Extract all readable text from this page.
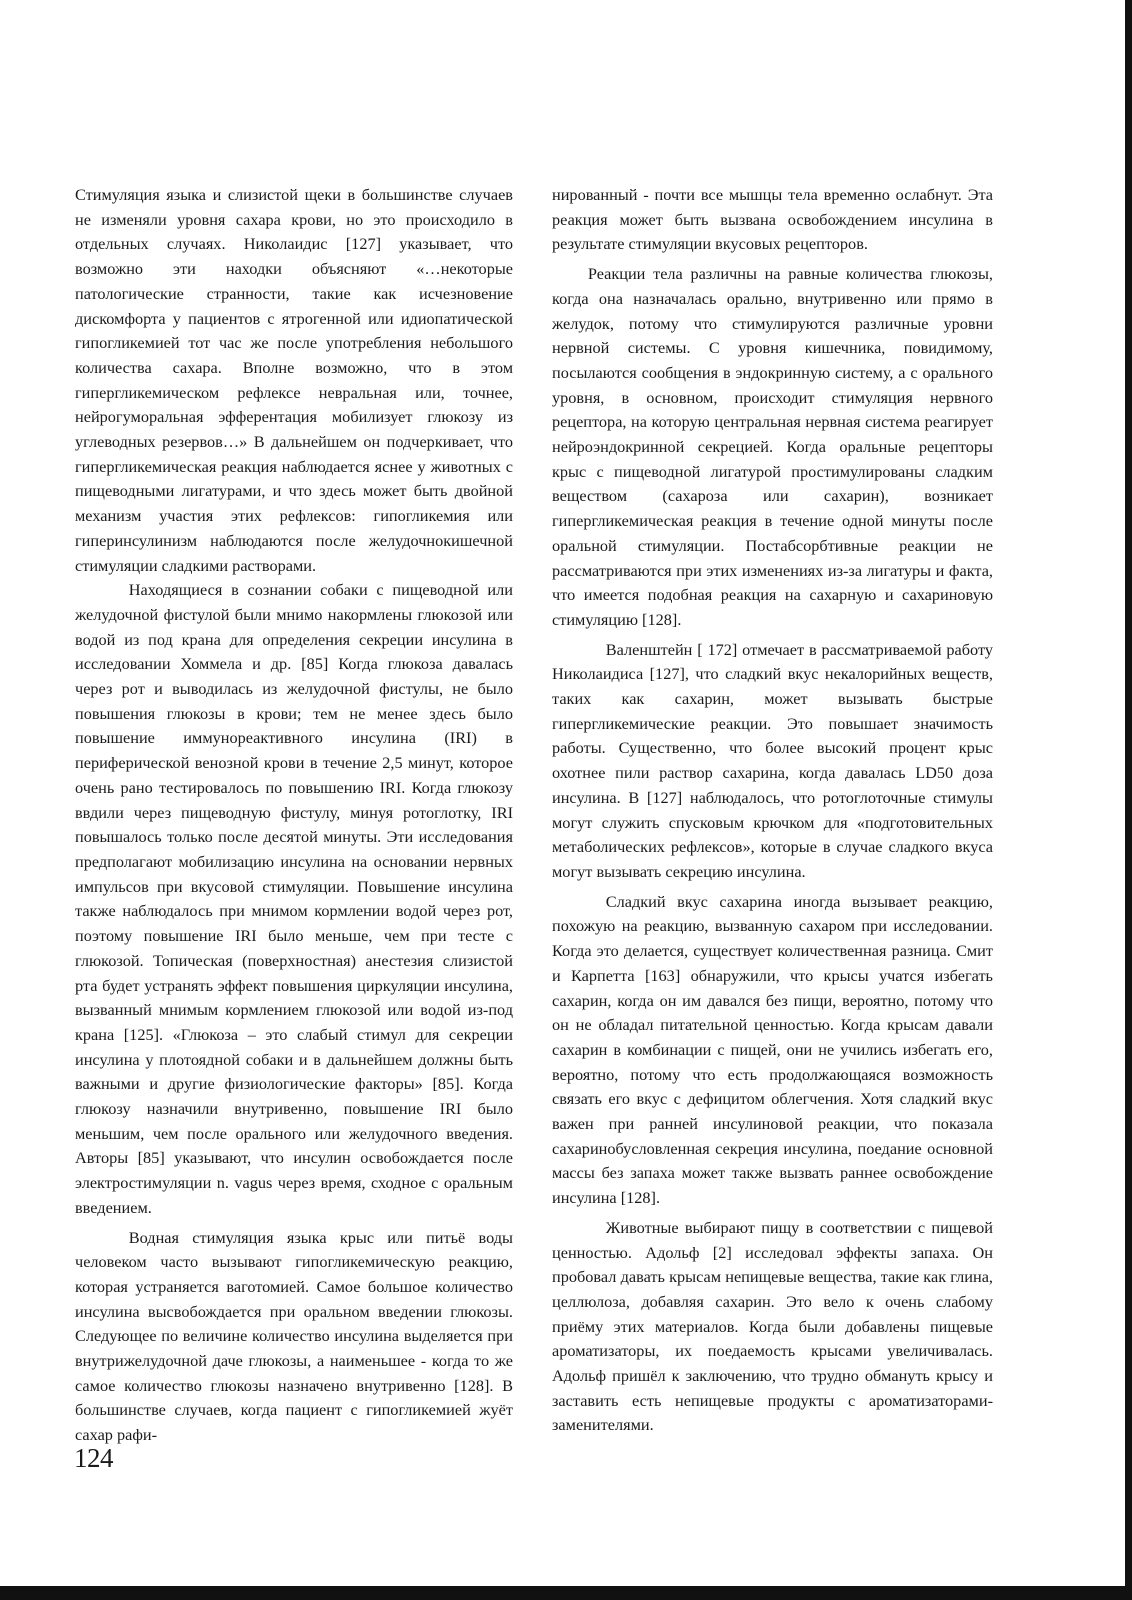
Стимуляция языка и слизистой щеки в большинстве случаев не изменяли уровня сахара крови, но это происходило в отдельных случаях. Николаидис [127] указывает, что возможно эти находки объясняют «…некоторые патологические странности, такие как исчезновение дискомфорта у пациентов с ятрогенной или идиопатической гипогликемией тот час же после употребления небольшого количества сахара. Вполне возможно, что в этом гипергликемическом рефлексе невральная или, точнее, нейрогуморальная эфферентация мобилизует глюкозу из углеводных резервов…» В дальнейшем он подчеркивает, что гипергликемическая реакция наблюдается яснее у животных с пищеводными лигатурами, и что здесь может быть двойной механизм участия этих рефлексов: гипогликемия или гиперинсулинизм наблюдаются после желудочнокишечной стимуляции сладкими растворами.

Находящиеся в сознании собаки с пищеводной или желудочной фистулой были мнимо накормлены глюкозой или водой из под крана для определения секреции инсулина в исследовании Хоммела и др. [85] Когда глюкоза давалась через рот и выводилась из желудочной фистулы, не было повышения глюкозы в крови; тем не менее здесь было повышение иммунореактивного инсулина (IRI) в периферической венозной крови в течение 2,5 минут, которое очень рано тестировалось по повышению IRI. Когда глюкозу ввдили через пищеводную фистулу, минуя ротоглотку, IRI повышалось только после десятой минуты. Эти исследования предполагают мобилизацию инсулина на основании нервных импульсов при вкусовой стимуляции. Повышение инсулина также наблюдалось при мнимом кормлении водой через рот, поэтому повышение IRI было меньше, чем при тесте с глюкозой. Топическая (поверхностная) анестезия слизистой рта будет устранять эффект повышения циркуляции инсулина, вызванный мнимым кормлением глюкозой или водой из-под крана [125]. «Глюкоза – это слабый стимул для секреции инсулина у плотоядной собаки и в дальнейшем должны быть важными и другие физиологические факторы» [85]. Когда глюкозу назначили внутривенно, повышение IRI было меньшим, чем после орального или желудочного введения. Авторы [85] указывают, что инсулин освобождается после электростимуляции n. vagus через время, сходное с оральным введением.

Водная стимуляция языка крыс или питьё воды человеком часто вызывают гипогликемическую реакцию, которая устраняется ваготомией. Самое большое количество инсулина высвобождается при оральном введении глюкозы. Следующее по величине количество инсулина выделяется при внутрижелудочной даче глюкозы, а наименьшее - когда то же самое количество глюкозы назначено внутривенно [128]. В большинстве случаев, когда пациент с гипогликемией жуёт сахар рафи-

нированный - почти все мышцы тела временно ослабнут. Эта реакция может быть вызвана освобождением инсулина в результате стимуляции вкусовых рецепторов.

Реакции тела различны на равные количества глюкозы, когда она назначалась орально, внутривенно или прямо в желудок, потому что стимулируются различные уровни нервной системы. С уровня кишечника, повидимому, посылаются сообщения в эндокринную систему, а с орального уровня, в основном, происходит стимуляция нервного рецептора, на которую центральная нервная система реагирует нейроэндокринной секрецией. Когда оральные рецепторы крыс с пищеводной лигатурой простимулированы сладким веществом (сахароза или сахарин), возникает гипергликемическая реакция в течение одной минуты после оральной стимуляции. Постабсорбтивные реакции не рассматриваются при этих изменениях из-за лигатуры и факта, что имеется подобная реакция на сахарную и сахариновую стимуляцию [128].

Валенштейн [ 172] отмечает в рассматриваемой работу Николаидиса [127], что сладкий вкус некалорийных веществ, таких как сахарин, может вызывать быстрые гипергликемические реакции. Это повышает значимость работы. Существенно, что более высокий процент крыс охотнее пили раствор сахарина, когда давалась LD50 доза инсулина. В [127] наблюдалось, что ротоглоточные стимулы могут служить спусковым крючком для «подготовительных метаболических рефлексов», которые в случае сладкого вкуса могут вызывать секрецию инсулина.

Сладкий вкус сахарина иногда вызывает реакцию, похожую на реакцию, вызванную сахаром при исследовании. Когда это делается, существует количественная разница. Смит и Карпетта [163] обнаружили, что крысы учатся избегать сахарин, когда он им давался без пищи, вероятно, потому что он не обладал питательной ценностью. Когда крысам давали сахарин в комбинации с пищей, они не учились избегать его, вероятно, потому что есть продолжающаяся возможность связать его вкус с дефицитом облегчения. Хотя сладкий вкус важен при ранней инсулиновой реакции, что показала сахаринобусловленная секреция инсулина, поедание основной массы без запаха может также вызвать раннее освобождение инсулина [128].

Животные выбирают пищу в соответствии с пищевой ценностью. Адольф [2] исследовал эффекты запаха. Он пробовал давать крысам непищевые вещества, такие как глина, целлюлоза, добавляя сахарин. Это вело к очень слабому приёму этих материалов. Когда были добавлены пищевые ароматизаторы, их поедаемость крысами увеличивалась. Адольф пришёл к заключению, что трудно обмануть крысу и заставить есть непищевые продукты с ароматизаторами-заменителями.

124
